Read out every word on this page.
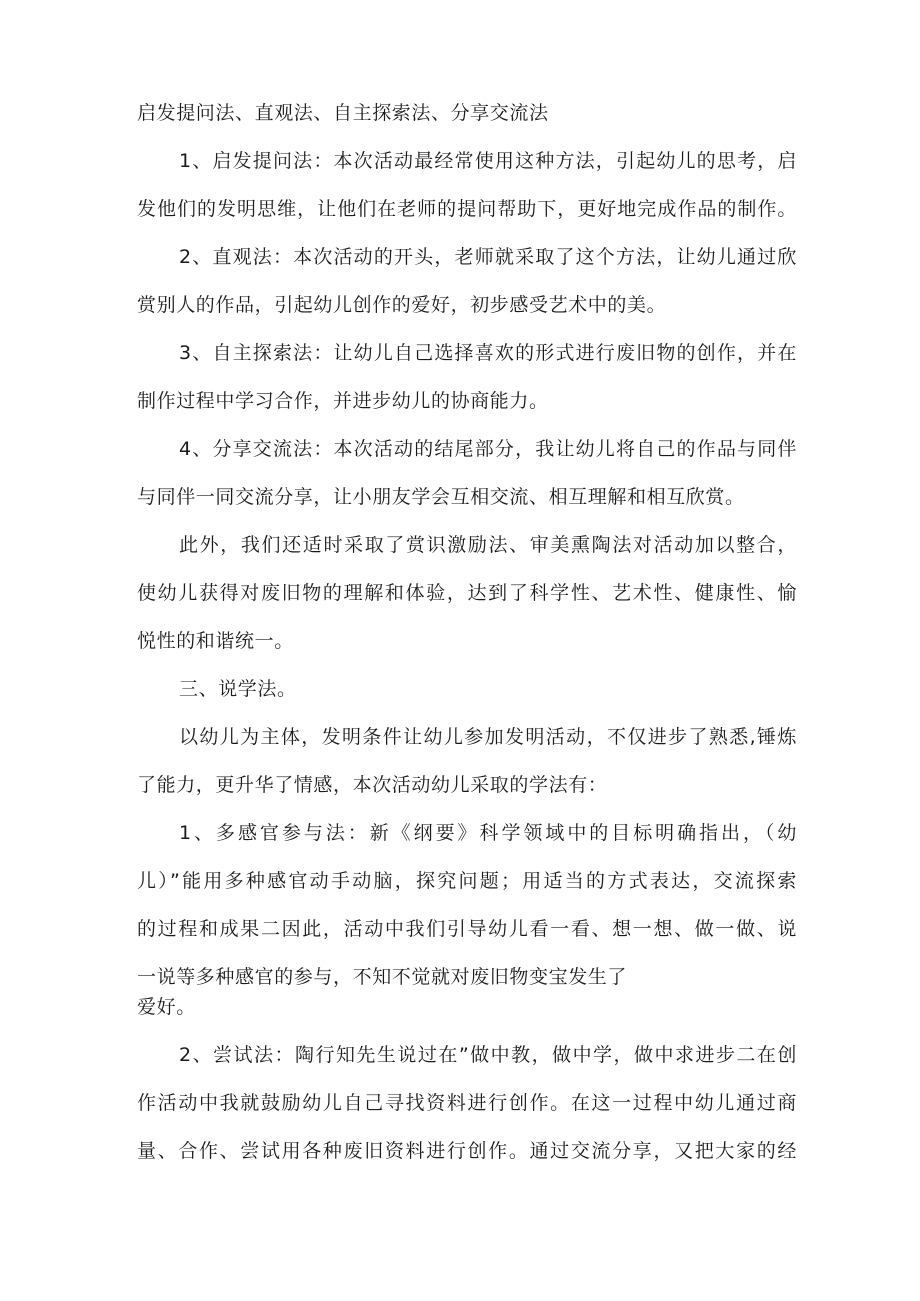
启发提问法、直观法、自主探索法、分享交流法
1、启发提问法：本次活动最经常使用这种方法，引起幼儿的思考，启
发他们的发明思维，让他们在老师的提问帮助下，更好地完成作品的制作。
2、直观法：本次活动的开头，老师就采取了这个方法，让幼儿通过欣
赏别人的作品，引起幼儿创作的爱好，初步感受艺术中的美。
3、自主探索法：让幼儿自己选择喜欢的形式进行废旧物的创作，并在
制作过程中学习合作，并进步幼儿的协商能力。
4、分享交流法：本次活动的结尾部分，我让幼儿将自己的作品与同伴
与同伴一同交流分享，让小朋友学会互相交流、相互理解和相互欣赏。
此外，我们还适时采取了赏识激励法、审美熏陶法对活动加以整合，
使幼儿获得对废旧物的理解和体验，达到了科学性、艺术性、健康性、愉
悦性的和谐统一。
三、说学法。
以幼儿为主体，发明条件让幼儿参加发明活动，不仅进步了熟悉,锤炼
了能力，更升华了情感，本次活动幼儿采取的学法有：
1、多感官参与法：新《纲要》科学领域中的目标明确指出，（幼
儿）”能用多种感官动手动脑，探究问题；用适当的方式表达，交流探索
的过程和成果二因此，活动中我们引导幼儿看一看、想一想、做一做、说
一说等多种感官的参与，不知不觉就对废旧物变宝发生了
爱好。
2、尝试法：陶行知先生说过在”做中教，做中学，做中求进步二在创
作活动中我就鼓励幼儿自己寻找资料进行创作。在这一过程中幼儿通过商
量、合作、尝试用各种废旧资料进行创作。通过交流分享，又把大家的经
